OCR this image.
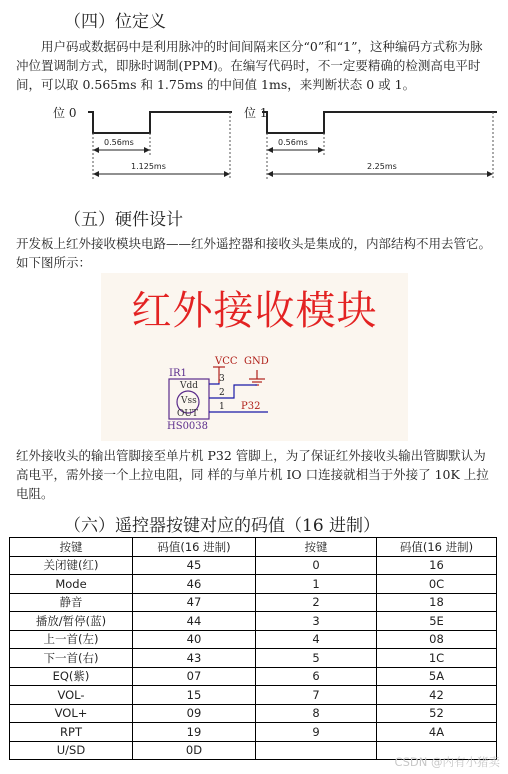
（四）位定义
用户码或数据码中是利用脉冲的时间间隔来区分“0”和“1”，这种编码方式称为脉冲位置调制方式，即脉时调制(PPM)。在编写代码时，不一定要精确的检测高电平时间，可以取 0.565ms 和 1.75ms 的中间值 1ms，来判断状态 0 或 1。
位 0	位 1
0.56ms
1.125ms
0.56ms
2.25ms
（五）硬件设计
开发板上红外接收模块电路——红外遥控器和接收头是集成的，内部结构不用去管它。如下图所示：
红外接收模块
VCC GND
IR1
Vdd
Vss
OUT
3
2
1 P32
HS0038
红外接收头的输出管脚接至单片机 P32 管脚上，为了保证红外接收头输出管脚默认为高电平，需外接一个上拉电阻，同 样的与单片机 IO 口连接就相当于外接了 10K 上拉电阻。
（六）遥控器按键对应的码值（16 进制）
按键	码值(16 进制)	按键	码值(16 进制)
关闭键(红)	45	0	16
Mode	46	1	0C
静音	47	2	18
播放/暂停(蓝)	44	3	5E
上一首(左)	40	4	08
下一首(右)	43	5	1C
EQ(紫)	07	6	5A
VOL-	15	7	42
VOL+	09	8	52
RPT	19	9	4A
U/SD	0D		
CSDN @内有小猪卖
